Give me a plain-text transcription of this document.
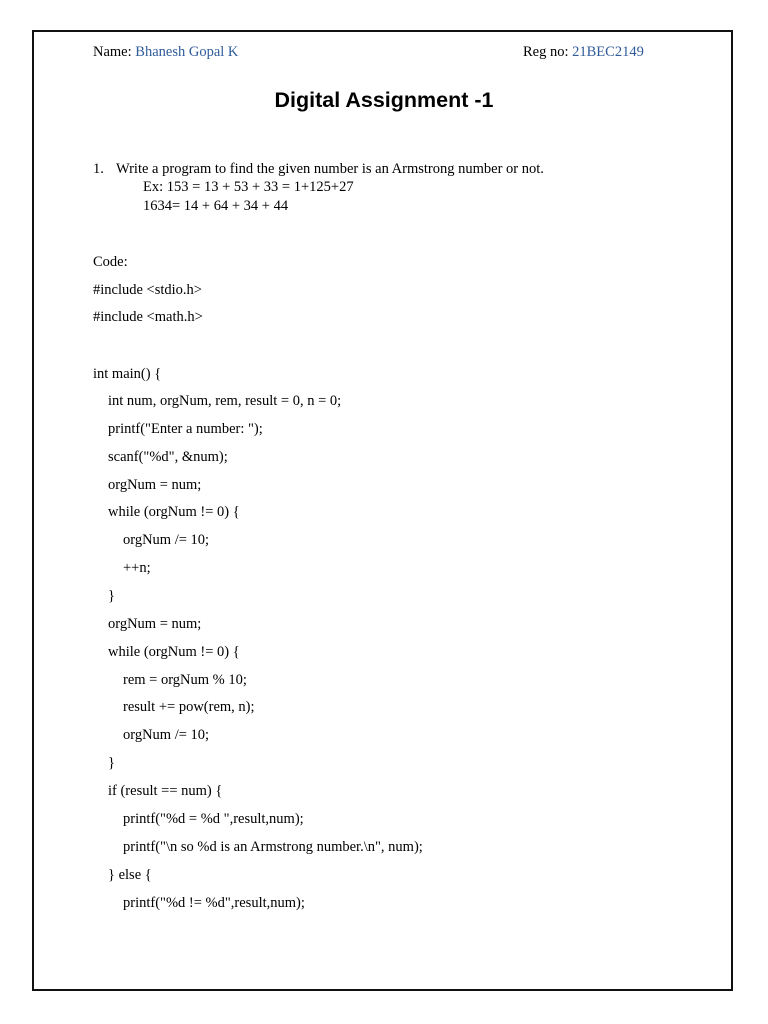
Name: Bhanesh Gopal K	Reg no: 21BEC2149
Digital Assignment -1
1. Write a program to find the given number is an Armstrong number or not.
Ex: 153 = 13 + 53 + 33 = 1+125+27
1634= 14 + 64 + 34 + 44
Code:
#include <stdio.h>
#include <math.h>
int main() {
int num, orgNum, rem, result = 0, n = 0;
printf("Enter a number: ");
scanf("%d", &num);
orgNum = num;
while (orgNum != 0) {
orgNum /= 10;
++n;
}
orgNum = num;
while (orgNum != 0) {
rem = orgNum % 10;
result += pow(rem, n);
orgNum /= 10;
}
if (result == num) {
printf("%d = %d ",result,num);
printf("\n so %d is an Armstrong number.\n", num);
} else {
printf("%d != %d",result,num);
